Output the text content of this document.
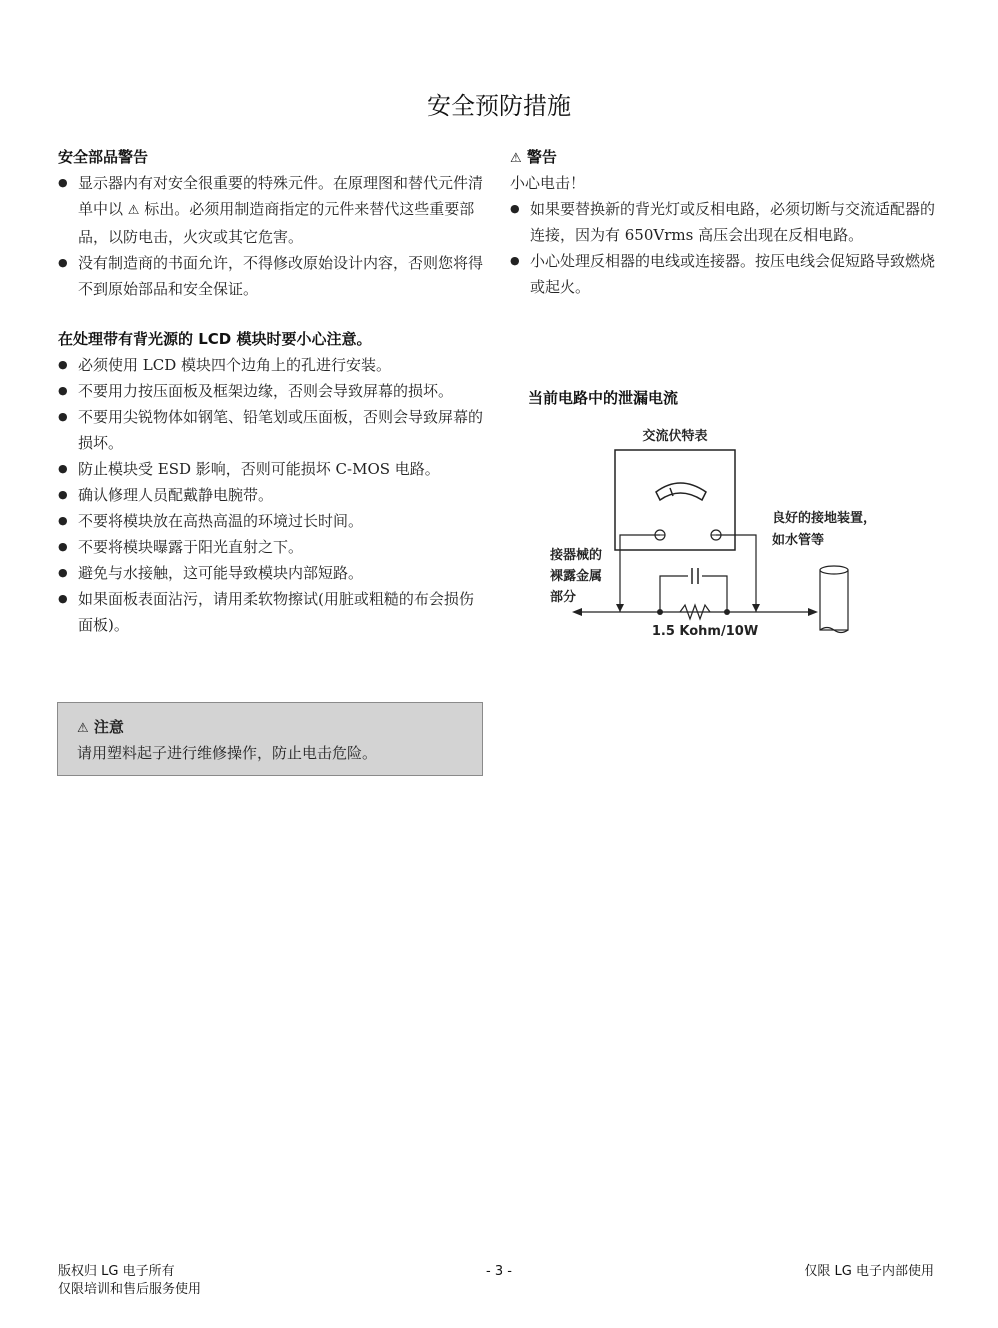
安全预防措施
安全部品警告
● 显示器内有对安全很重要的特殊元件。在原理图和替代元件清单中以 ⚠ 标出。必须用制造商指定的元件来替代这些重要部品，以防电击，火灾或其它危害。
● 没有制造商的书面允许，不得修改原始设计内容，否则您将得不到原始部品和安全保证。
在处理带有背光源的 LCD 模块时要小心注意。
● 必须使用 LCD 模块四个边角上的孔进行安装。
● 不要用力按压面板及框架边缘，否则会导致屏幕的损坏。
● 不要用尖锐物体如钢笔、铅笔划或压面板，否则会导致屏幕的损坏。
● 防止模块受 ESD 影响，否则可能损坏 C-MOS 电路。
● 确认修理人员配戴静电腕带。
● 不要将模块放在高热高温的环境过长时间。
● 不要将模块曝露于阳光直射之下。
● 避免与水接触，这可能导致模块内部短路。
● 如果面板表面沾污，请用柔软物擦试(用脏或粗糙的布会损伤面板)。
⚠ 注意
请用塑料起子进行维修操作，防止电击危险。
⚠ 警告
小心电击！
● 如果要替换新的背光灯或反相电路，必须切断与交流适配器的连接，因为有 650Vrms 高压会出现在反相电路。
● 小心处理反相器的电线或连接器。按压电线会促短路导致燃烧或起火。
当前电路中的泄漏电流
交流伏特表
1.5 Kohm/10W
良好的接地装置，
如水管等
接器械的
裸露金属
部分
版权归 LG 电子所有
仅限培训和售后服务使用
- 3 -	仅限 LG 电子内部使用
